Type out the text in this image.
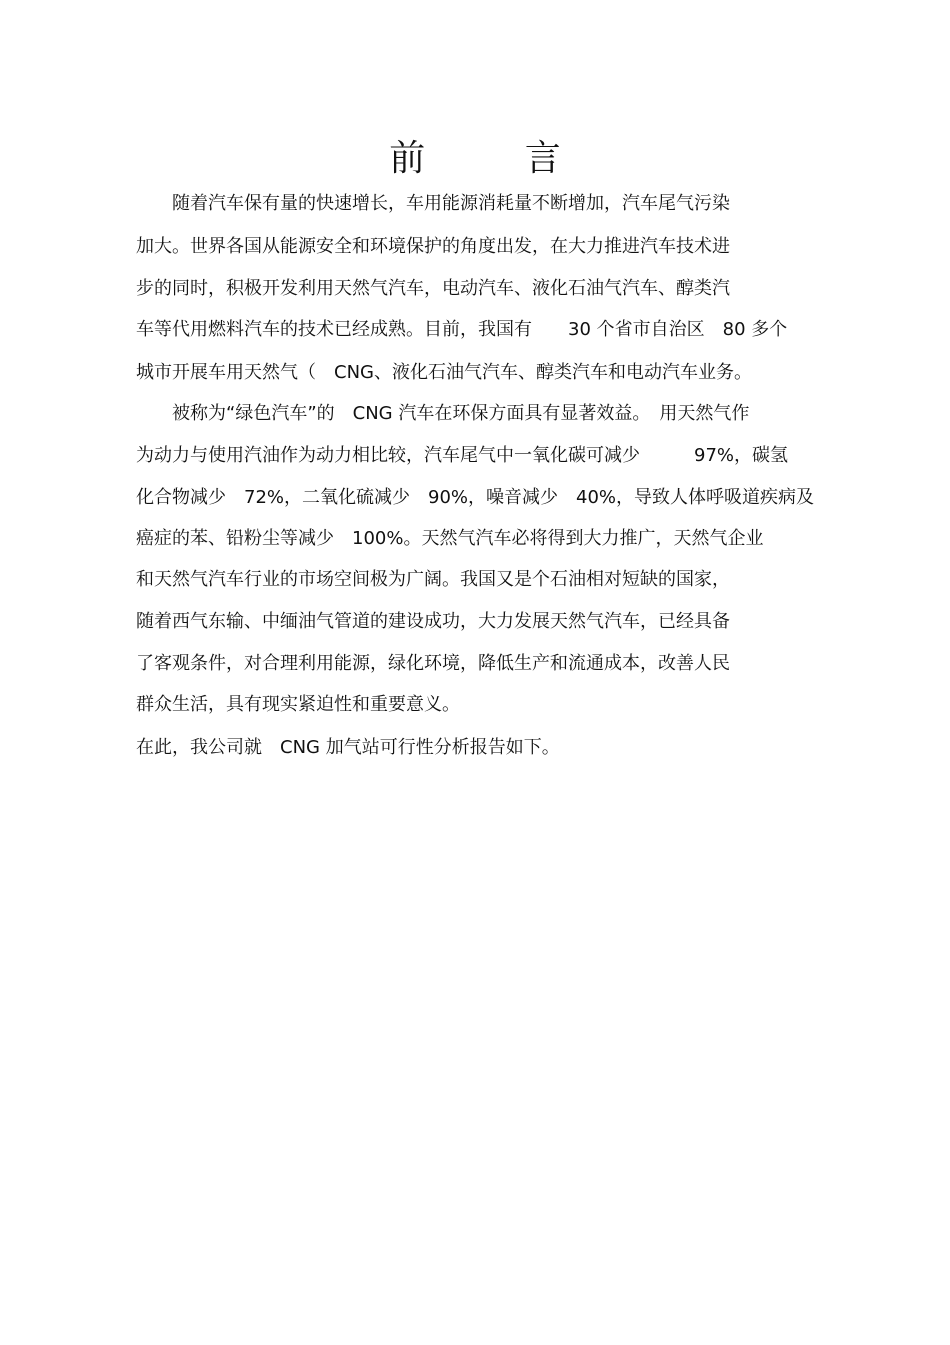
前 言

　　随着汽车保有量的快速增长，车用能源消耗量不断增加，汽车尾气污染

加大。世界各国从能源安全和环境保护的角度出发，在大力推进汽车技术进

步的同时，积极开发利用天然气汽车，电动汽车、液化石油气汽车、醇类汽

车等代用燃料汽车的技术已经成熟。目前，我国有　　30 个省市自治区　80 多个

城市开展车用天然气（　CNG、液化石油气汽车、醇类汽车和电动汽车业务。

　　被称为“绿色汽车”的　CNG 汽车在环保方面具有显著效益。　用天然气作

为动力与使用汽油作为动力相比较，汽车尾气中一氧化碳可减少　　　97%，碳氢

化合物减少　72%，二氧化硫减少　90%，噪音减少　40%，导致人体呼吸道疾病及

癌症的苯、铅粉尘等减少　100%。天然气汽车必将得到大力推广，天然气企业

和天然气汽车行业的市场空间极为广阔。我国又是个石油相对短缺的国家，

随着西气东输、中缅油气管道的建设成功，大力发展天然气汽车，已经具备

了客观条件，对合理利用能源，绿化环境，降低生产和流通成本，改善人民

群众生活，具有现实紧迫性和重要意义。

在此，我公司就　CNG 加气站可行性分析报告如下。
